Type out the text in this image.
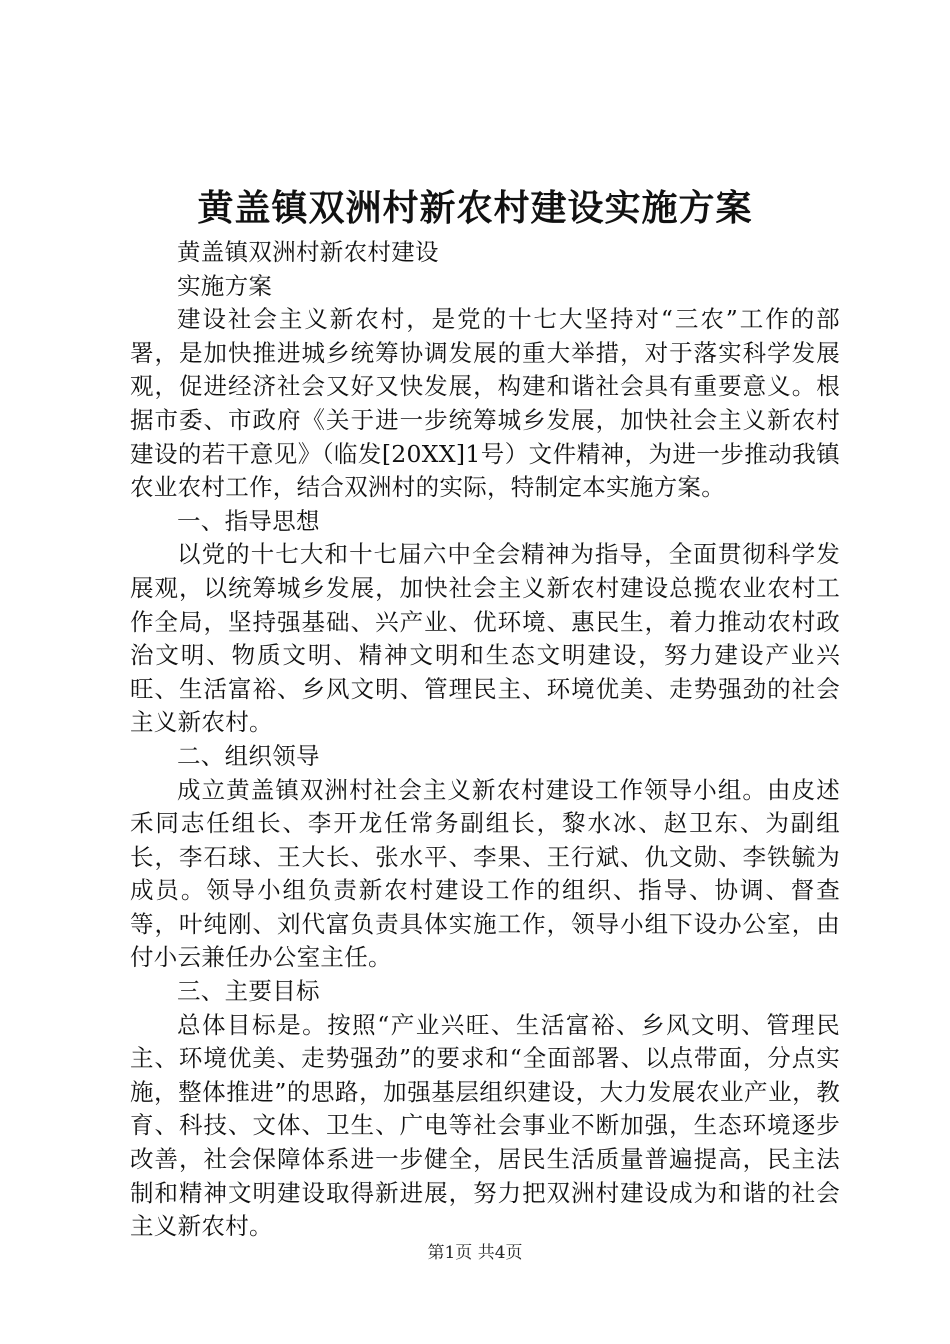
黄盖镇双洲村新农村建设实施方案

黄盖镇双洲村新农村建设

实施方案

建设社会主义新农村，是党的十七大坚持对“三农”工作的部署，是加快推进城乡统筹协调发展的重大举措，对于落实科学发展观，促进经济社会又好又快发展，构建和谐社会具有重要意义。根据市委、市政府《关于进一步统筹城乡发展，加快社会主义新农村建设的若干意见》（临发[20XX]1号）文件精神，为进一步推动我镇农业农村工作，结合双洲村的实际，特制定本实施方案。

一、指导思想

以党的十七大和十七届六中全会精神为指导，全面贯彻科学发展观，以统筹城乡发展，加快社会主义新农村建设总揽农业农村工作全局，坚持强基础、兴产业、优环境、惠民生，着力推动农村政治文明、物质文明、精神文明和生态文明建设，努力建设产业兴旺、生活富裕、乡风文明、管理民主、环境优美、走势强劲的社会主义新农村。

二、组织领导

成立黄盖镇双洲村社会主义新农村建设工作领导小组。由皮述禾同志任组长、李开龙任常务副组长，黎水冰、赵卫东、为副组长，李石球、王大长、张水平、李果、王行斌、仇文勋、李铁毓为成员。领导小组负责新农村建设工作的组织、指导、协调、督查等，叶纯刚、刘代富负责具体实施工作，领导小组下设办公室，由付小云兼任办公室主任。

三、主要目标

总体目标是。按照“产业兴旺、生活富裕、乡风文明、管理民主、环境优美、走势强劲”的要求和“全面部署、以点带面，分点实施，整体推进”的思路，加强基层组织建设，大力发展农业产业，教育、科技、文体、卫生、广电等社会事业不断加强，生态环境逐步改善，社会保障体系进一步健全，居民生活质量普遍提高，民主法制和精神文明建设取得新进展，努力把双洲村建设成为和谐的社会主义新农村。

第1页 共4页
